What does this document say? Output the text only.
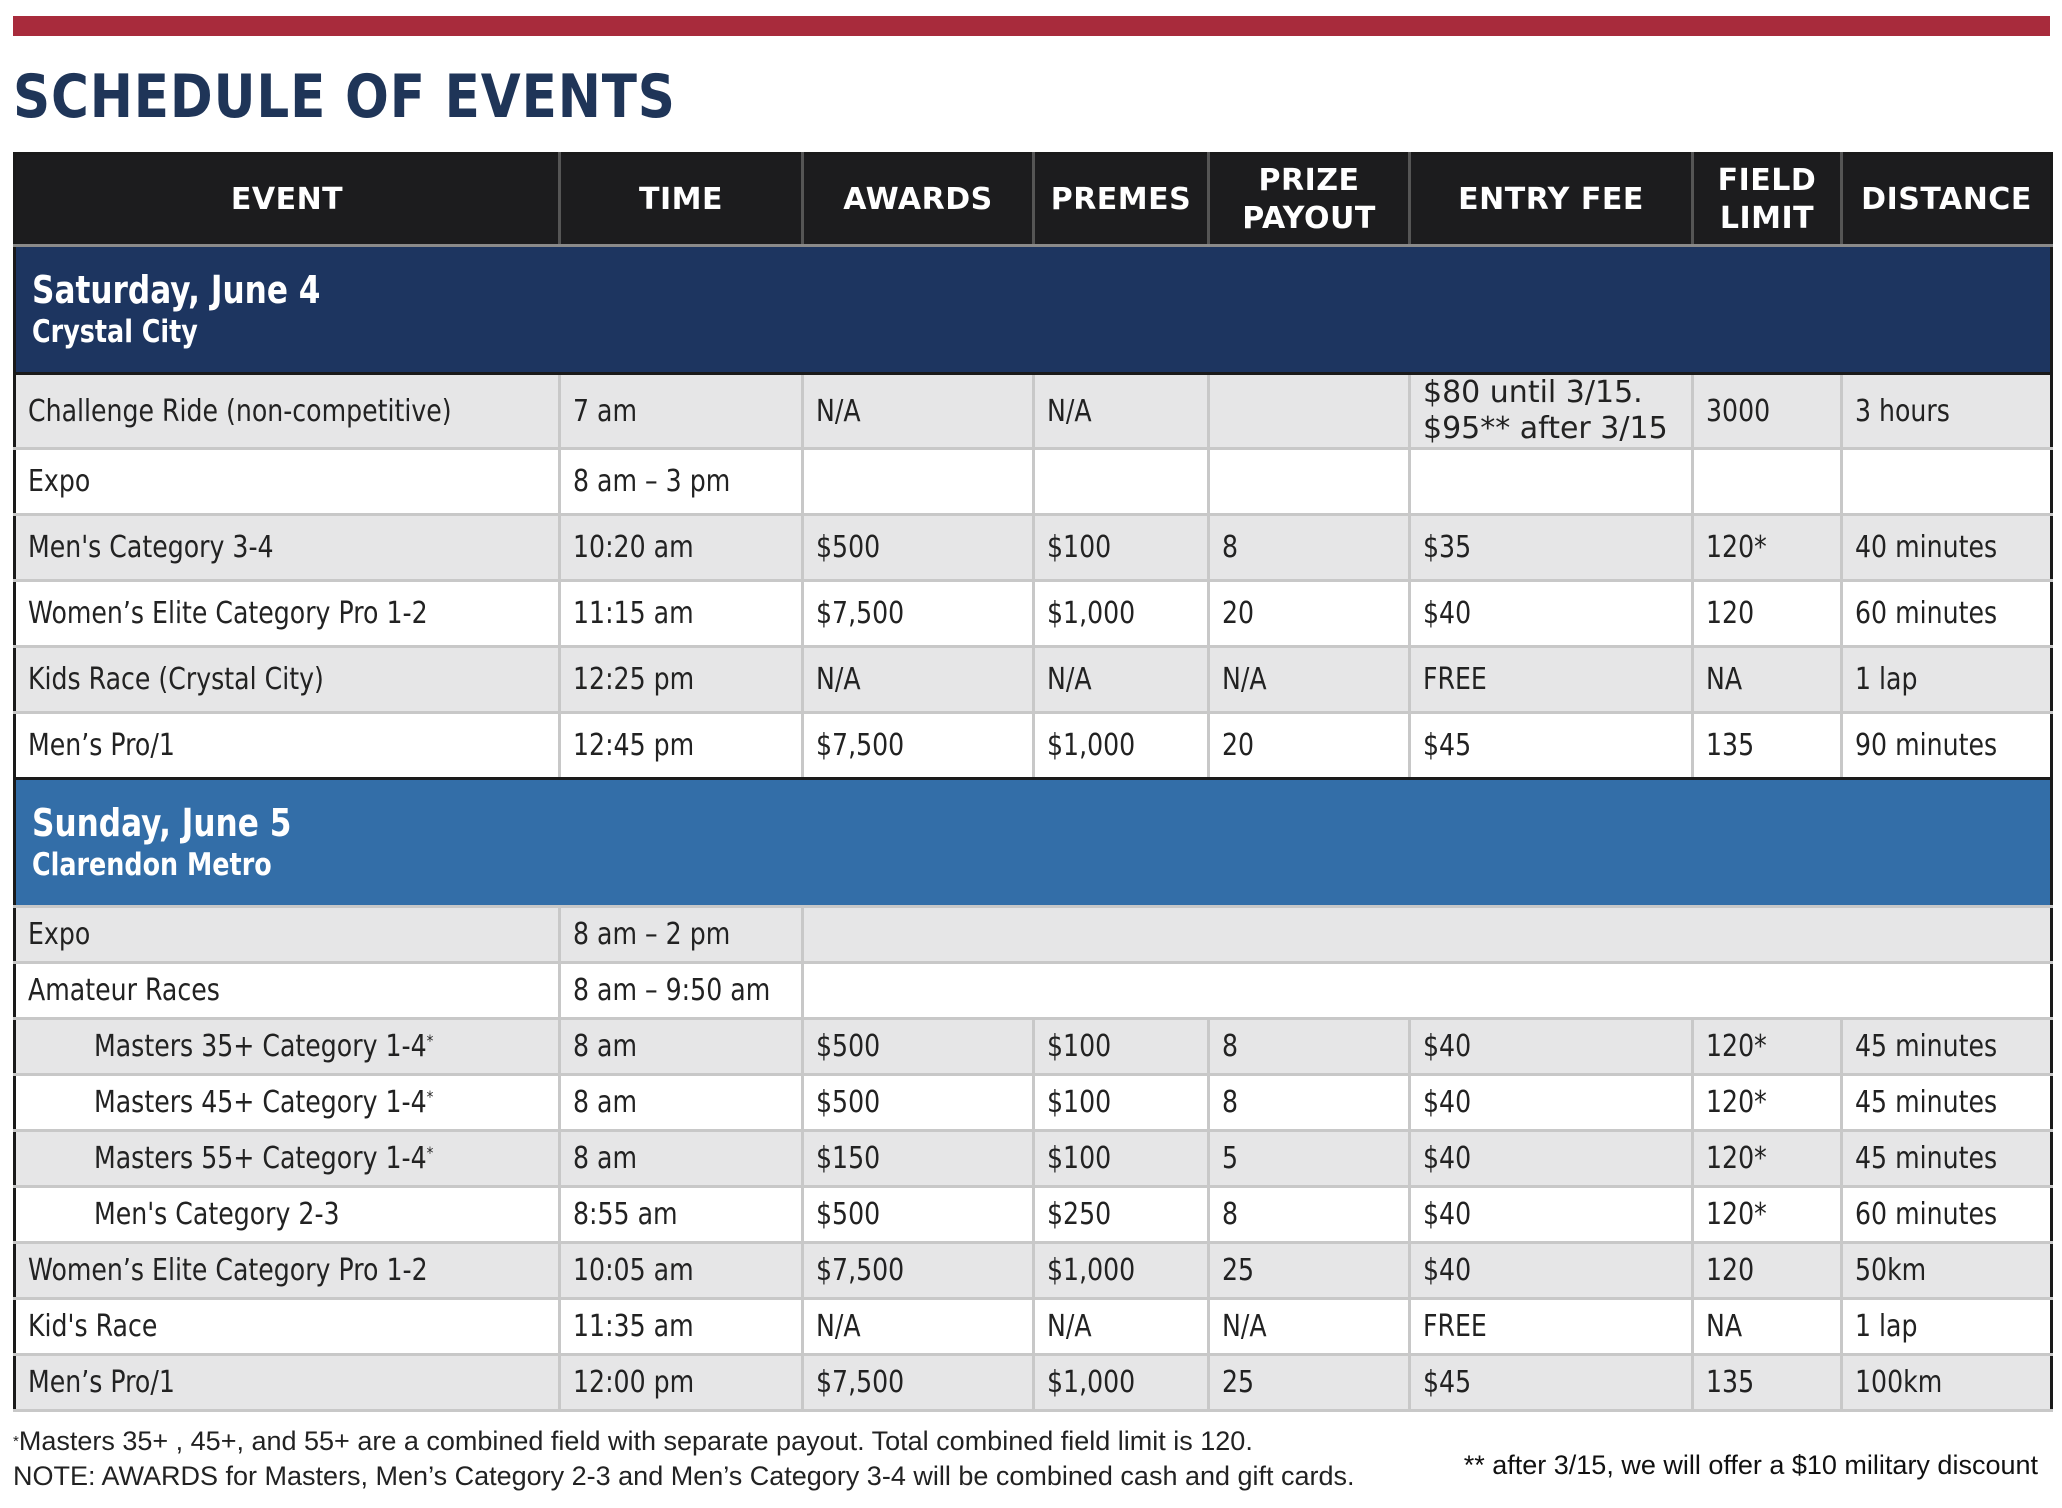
SCHEDULE OF EVENTS
EVENT	TIME	AWARDS	PREMES	PRIZE PAYOUT	ENTRY FEE	FIELD LIMIT	DISTANCE

Saturday, June 4
Crystal City							

Challenge Ride (non-competitive)	7 am	N/A	N/A		$80 until 3/15.
$95** after 3/15	3000	3 hours
Expo	8 am – 3 pm						
Men's Category 3-4	10:20 am	$500	$100	8	$35	120*	40 minutes
Women’s Elite Category Pro 1-2	11:15 am	$7,500	$1,000	20	$40	120	60 minutes
Kids Race (Crystal City)	12:25 pm	N/A	N/A	N/A	FREE	NA	1 lap
Men’s Pro/1	12:45 pm	$7,500	$1,000	20	$45	135	90 minutes

Sunday, June 5
Clarendon Metro							

Expo	8 am – 2 pm						
Amateur Races	8 am – 9:50 am						
Masters 35+ Category 1-4*	8 am	$500	$100	8	$40	120*	45 minutes
Masters 45+ Category 1-4*	8 am	$500	$100	8	$40	120*	45 minutes
Masters 55+ Category 1-4*	8 am	$150	$100	5	$40	120*	45 minutes
Men's Category 2-3	8:55 am	$500	$250	8	$40	120*	60 minutes
Women’s Elite Category Pro 1-2	10:05 am	$7,500	$1,000	25	$40	120	50km
Kid's Race	11:35 am	N/A	N/A	N/A	FREE	NA	1 lap
Men’s Pro/1	12:00 pm	$7,500	$1,000	25	$45	135	100km
*Masters 35+ , 45+, and 55+ are a combined field with separate payout. Total combined field limit is 120.
NOTE: AWARDS for Masters, Men’s Category 2-3 and Men’s Category 3-4 will be combined cash and gift cards.	** after 3/15, we will offer a $10 military discount
